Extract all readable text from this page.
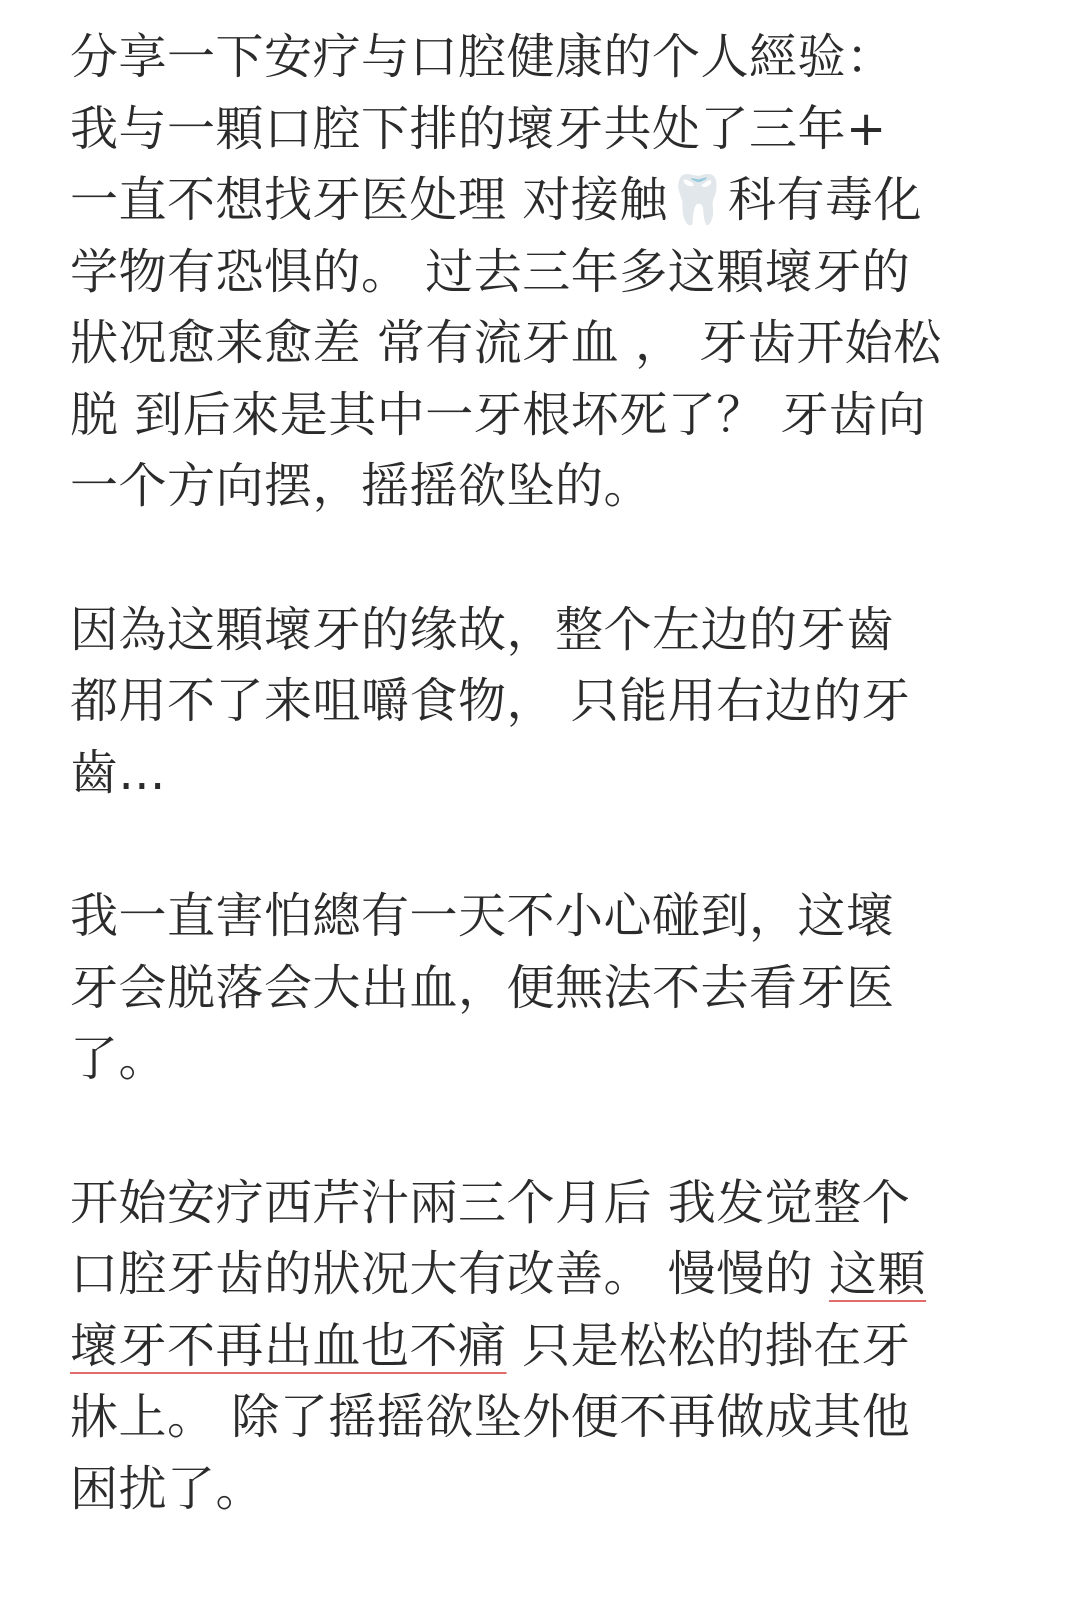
分享一下安疗与口腔健康的个人經验：
我与一顆口腔下排的壞牙共处了三年+
一直不想找牙医处理 对接触🦷科有毒化
学物有恐惧的。 过去三年多这顆壞牙的
狀况愈来愈差 常有流牙血 ， 牙齿开始松
脱 到后來是其中一牙根坏死了？ 牙齿向
一个方向摆，摇摇欲坠的。

因為这顆壞牙的缘故，整个左边的牙齒
都用不了来咀嚼食物， 只能用右边的牙
齒...

我一直害怕總有一天不小心碰到，这壞
牙会脱落会大出血，便無法不去看牙医
了。

开始安疗西芹汁兩三个月后 我发觉整个
口腔牙齿的狀况大有改善。 慢慢的 这顆
壞牙不再出血也不痛 只是松松的掛在牙
牀上。 除了摇摇欲坠外便不再做成其他
困扰了。
